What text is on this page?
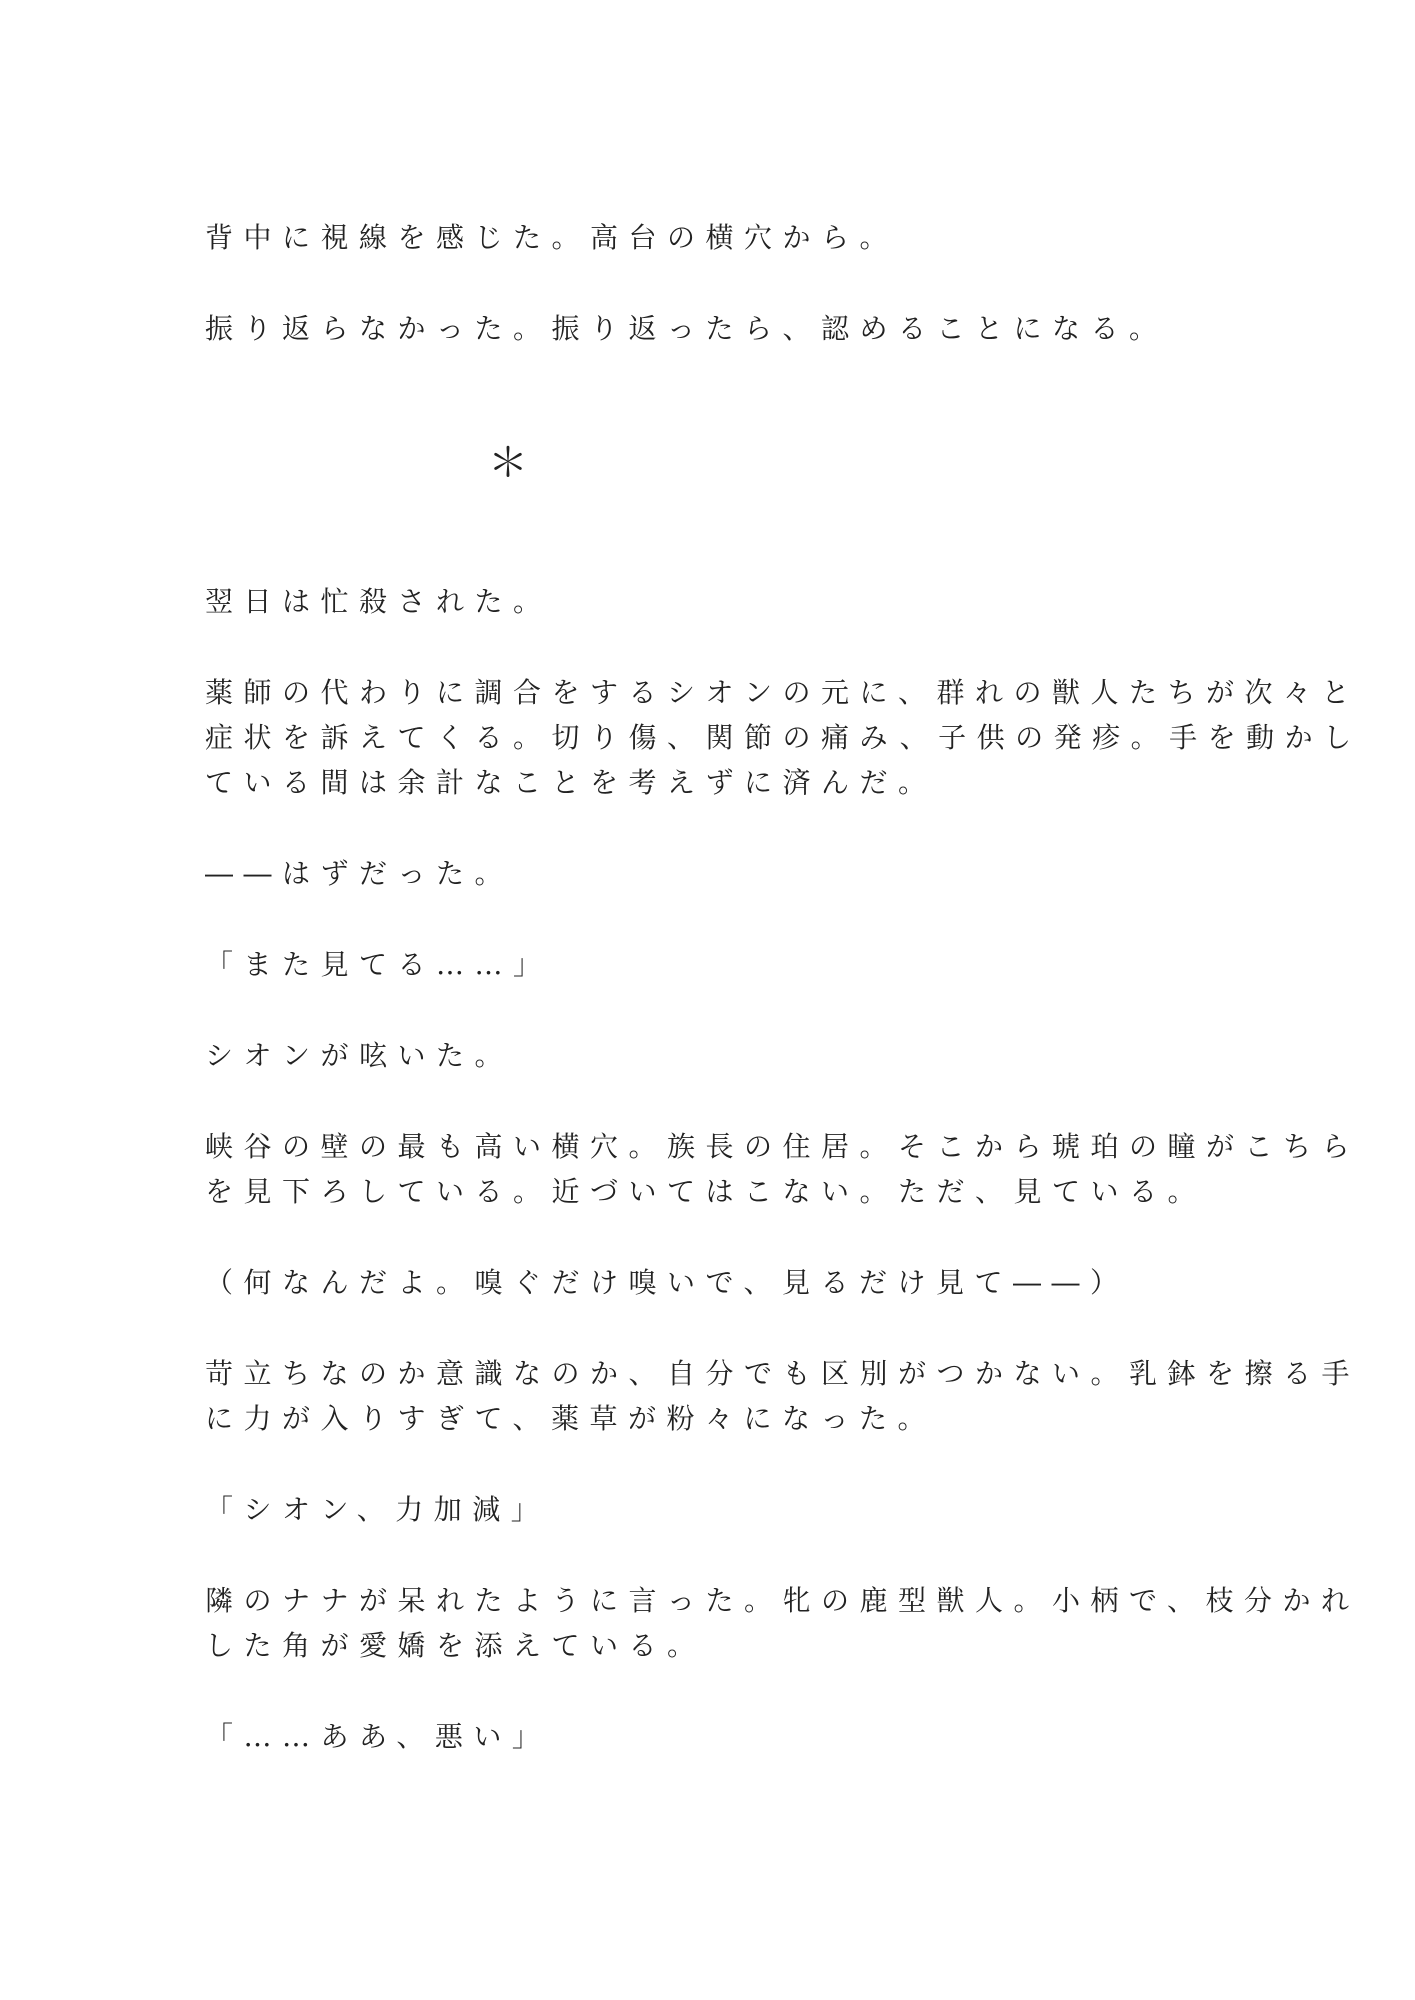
背中に視線を感じた。高台の横穴から。

振り返らなかった。振り返ったら、認めることになる。

＊

翌日は忙殺された。

薬師の代わりに調合をするシオンの元に、群れの獣人たちが次々と

症状を訴えてくる。切り傷、関節の痛み、子供の発疹。手を動かし

ている間は余計なことを考えずに済んだ。

――はずだった。

「また見てる……」

シオンが呟いた。

峡谷の壁の最も高い横穴。族長の住居。そこから琥珀の瞳がこちら

を見下ろしている。近づいてはこない。ただ、見ている。

（何なんだよ。嗅ぐだけ嗅いで、見るだけ見て――）

苛立ちなのか意識なのか、自分でも区別がつかない。乳鉢を擦る手

に力が入りすぎて、薬草が粉々になった。

「シオン、力加減」

隣のナナが呆れたように言った。牝の鹿型獣人。小柄で、枝分かれ

した角が愛嬌を添えている。

「……ああ、悪い」
